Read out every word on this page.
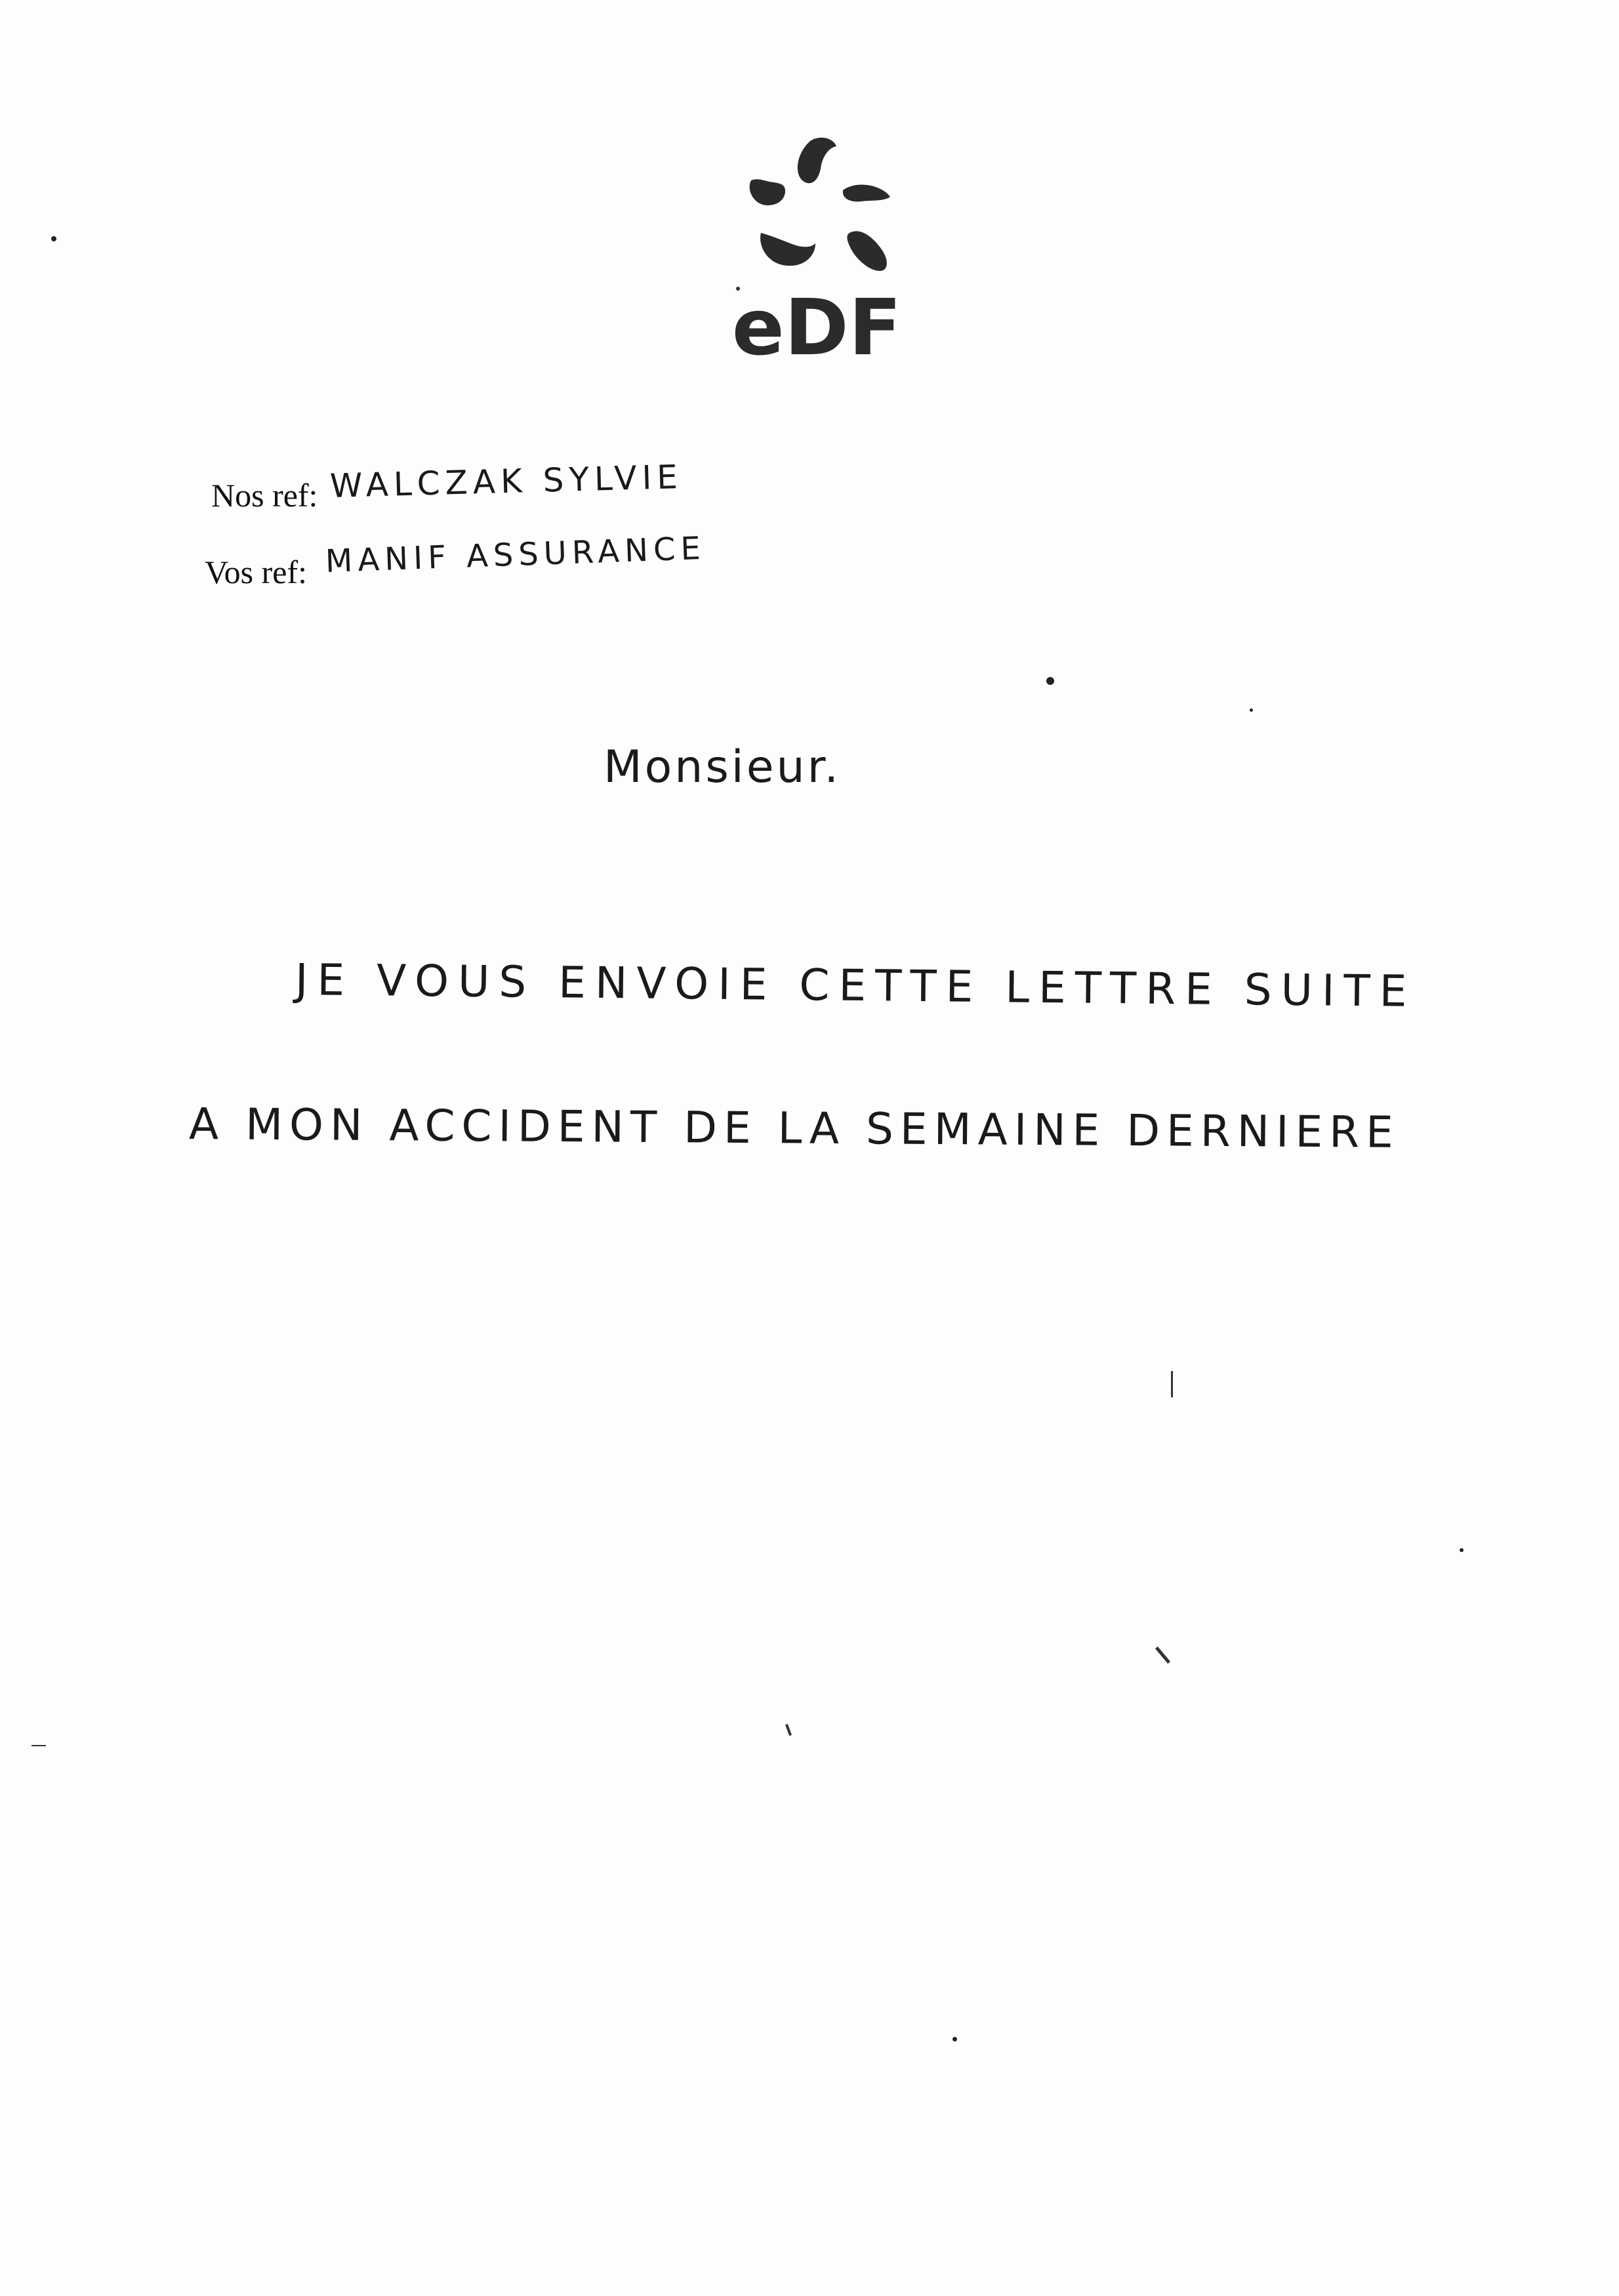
eDF
Nos ref: WALCZAK SYLVIE
Vos ref: MANIF ASSURANCE
Monsieur.
JE VOUS ENVOIE CETTE LETTRE SUITE
A MON ACCIDENT DE LA SEMAINE DERNIERE
